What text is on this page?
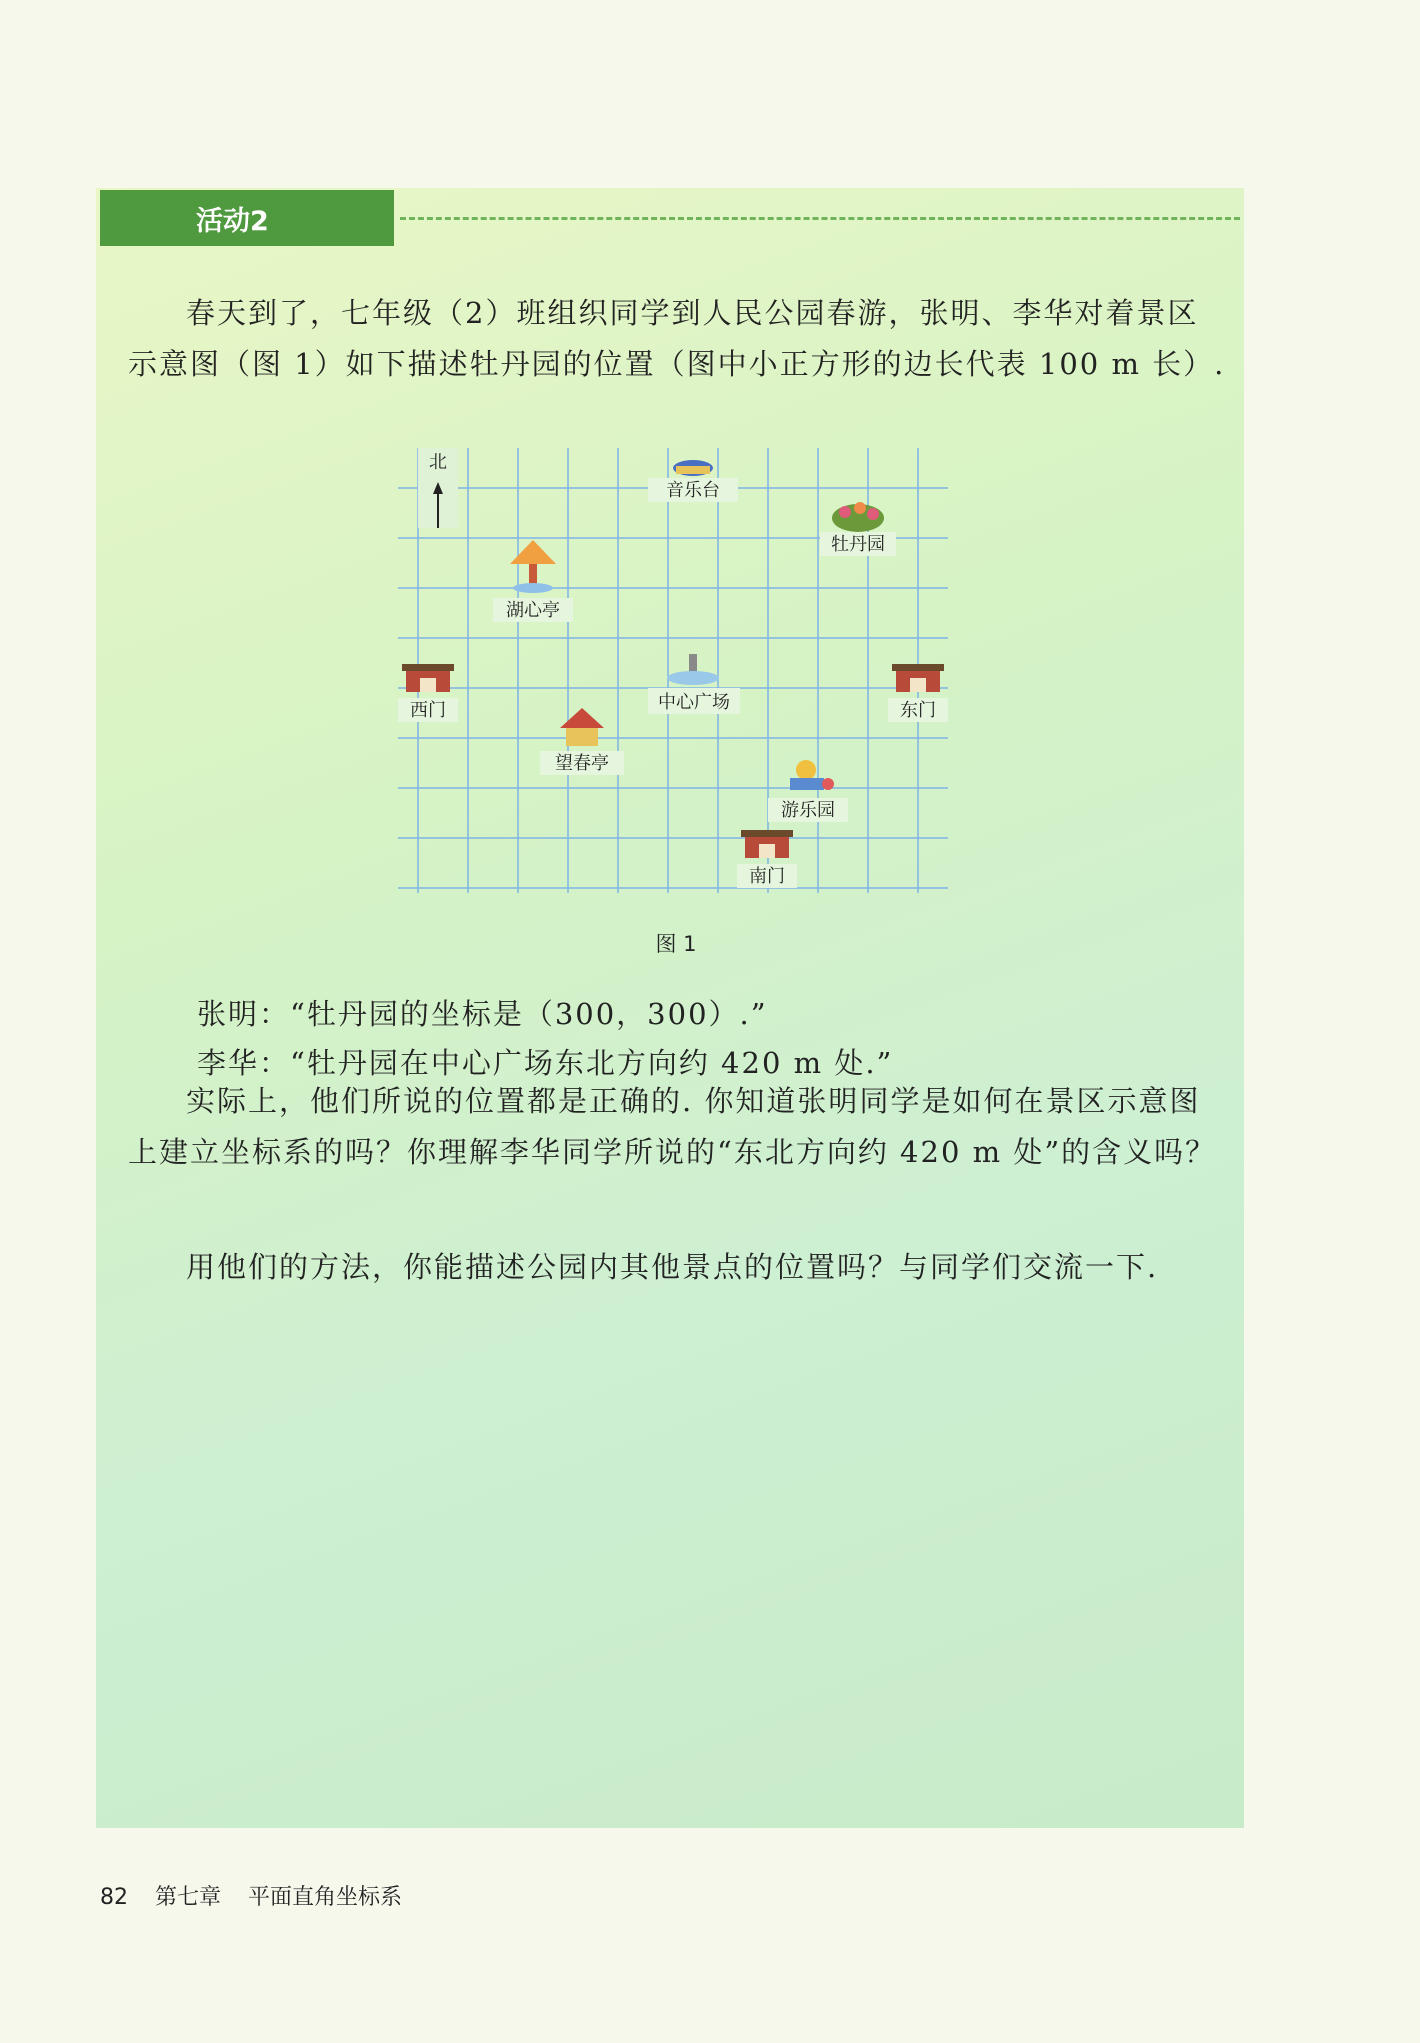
活动2
春天到了，七年级（2）班组织同学到人民公园春游，张明、李华对着景区示意图（图 1）如下描述牡丹园的位置（图中小正方形的边长代表 100 m 长）.
北
音乐台
牡丹园
湖心亭
西门	中心广场	东门
望春亭
游乐园
南门
图 1
张明：“牡丹园的坐标是（300，300）.”
李华：“牡丹园在中心广场东北方向约 420 m 处.”
实际上，他们所说的位置都是正确的. 你知道张明同学是如何在景区示意图上建立坐标系的吗？你理解李华同学所说的“东北方向约 420 m 处”的含义吗？
用他们的方法，你能描述公园内其他景点的位置吗？与同学们交流一下.
82 第七章 平面直角坐标系
